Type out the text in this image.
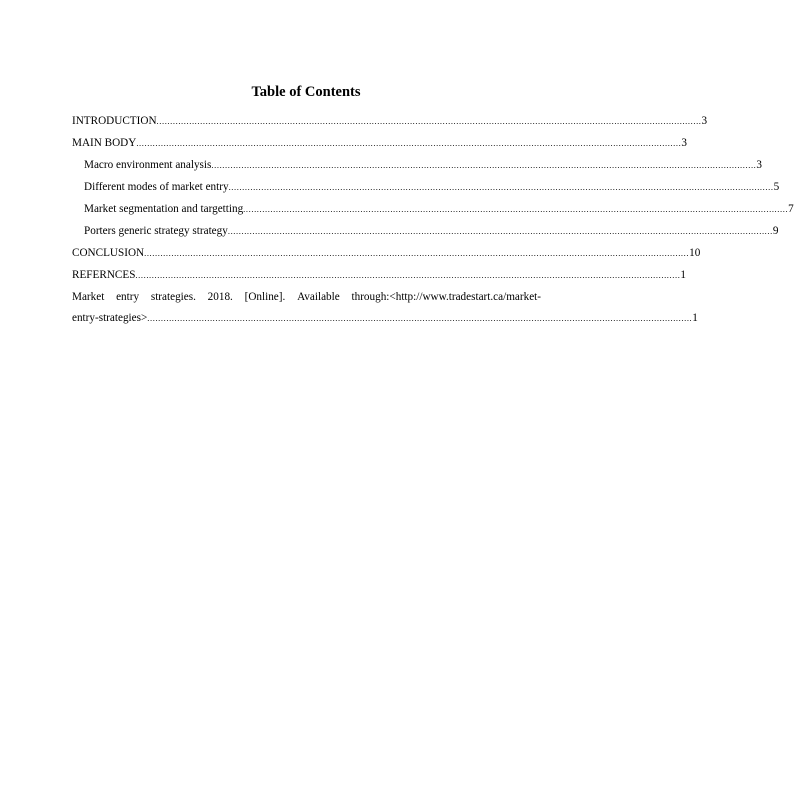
Table of Contents
INTRODUCTION ........................................................................................................................................................................................................ 3
MAIN BODY ........................................................................................................................................................................................................ 3
Macro environment analysis ........................................................................................................................................................................................................ 3
Different modes of market entry ........................................................................................................................................................................................................ 5
Market segmentation and targetting ........................................................................................................................................................................................................ 7
Porters generic strategy strategy ........................................................................................................................................................................................................ 9
CONCLUSION ........................................................................................................................................................................................................ 10
REFERNCES ........................................................................................................................................................................................................ 1
Market entry strategies. 2018. [Online]. Available through:<http://www.tradestart.ca/market-
entry-strategies> ........................................................................................................................................................................................................ 1
